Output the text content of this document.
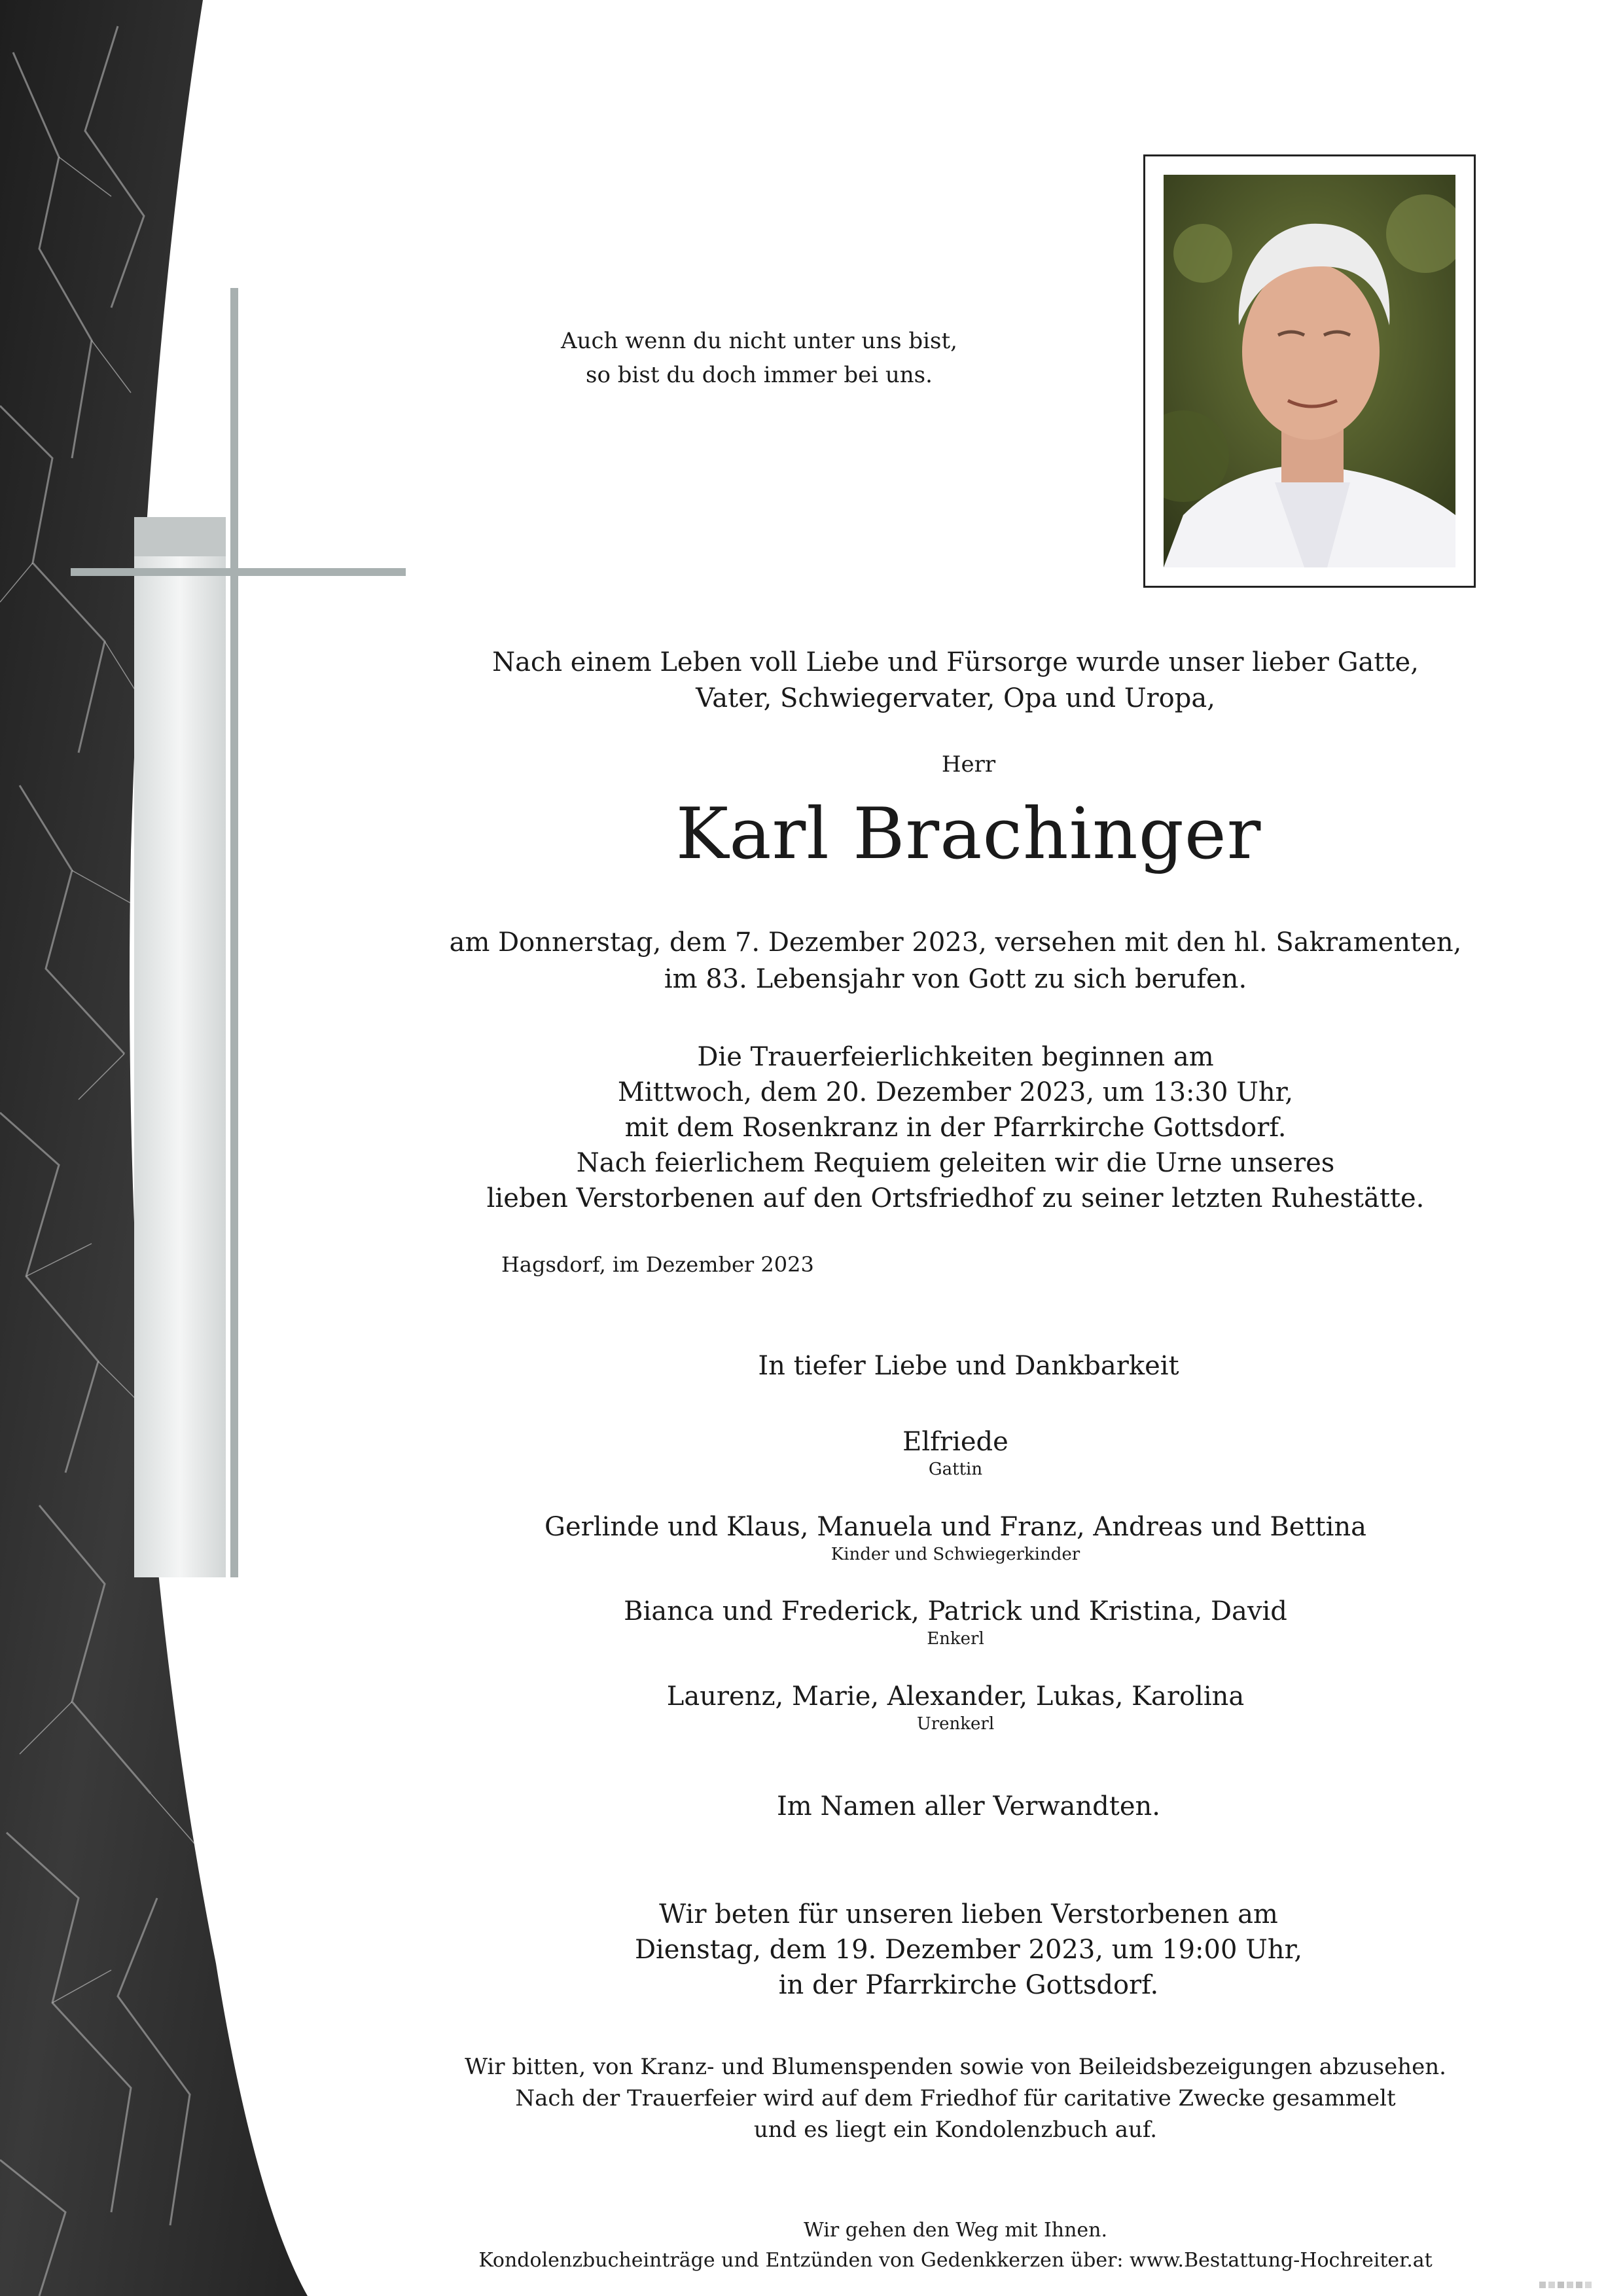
Auch wenn du nicht unter uns bist,
so bist du doch immer bei uns.
Nach einem Leben voll Liebe und Fürsorge wurde unser lieber Gatte,
Vater, Schwiegervater, Opa und Uropa,
Herr
Karl Brachinger
am Donnerstag, dem 7. Dezember 2023, versehen mit den hl. Sakramenten,
im 83. Lebensjahr von Gott zu sich berufen.
Die Trauerfeierlichkeiten beginnen am
Mittwoch, dem 20. Dezember 2023, um 13:30 Uhr,
mit dem Rosenkranz in der Pfarrkirche Gottsdorf.
Nach feierlichem Requiem geleiten wir die Urne unseres
lieben Verstorbenen auf den Ortsfriedhof zu seiner letzten Ruhestätte.
Hagsdorf, im Dezember 2023
In tiefer Liebe und Dankbarkeit
Elfriede
Gattin
Gerlinde und Klaus, Manuela und Franz, Andreas und Bettina
Kinder und Schwiegerkinder
Bianca und Frederick, Patrick und Kristina, David
Enkerl
Laurenz, Marie, Alexander, Lukas, Karolina
Urenkerl
Im Namen aller Verwandten.
Wir beten für unseren lieben Verstorbenen am
Dienstag, dem 19. Dezember 2023, um 19:00 Uhr,
in der Pfarrkirche Gottsdorf.
Wir bitten, von Kranz- und Blumenspenden sowie von Beileidsbezeigungen abzusehen.
Nach der Trauerfeier wird auf dem Friedhof für caritative Zwecke gesammelt
und es liegt ein Kondolenzbuch auf.
Wir gehen den Weg mit Ihnen.
Kondolenzbucheinträge und Entzünden von Gedenkkerzen über: www.Bestattung-Hochreiter.at
